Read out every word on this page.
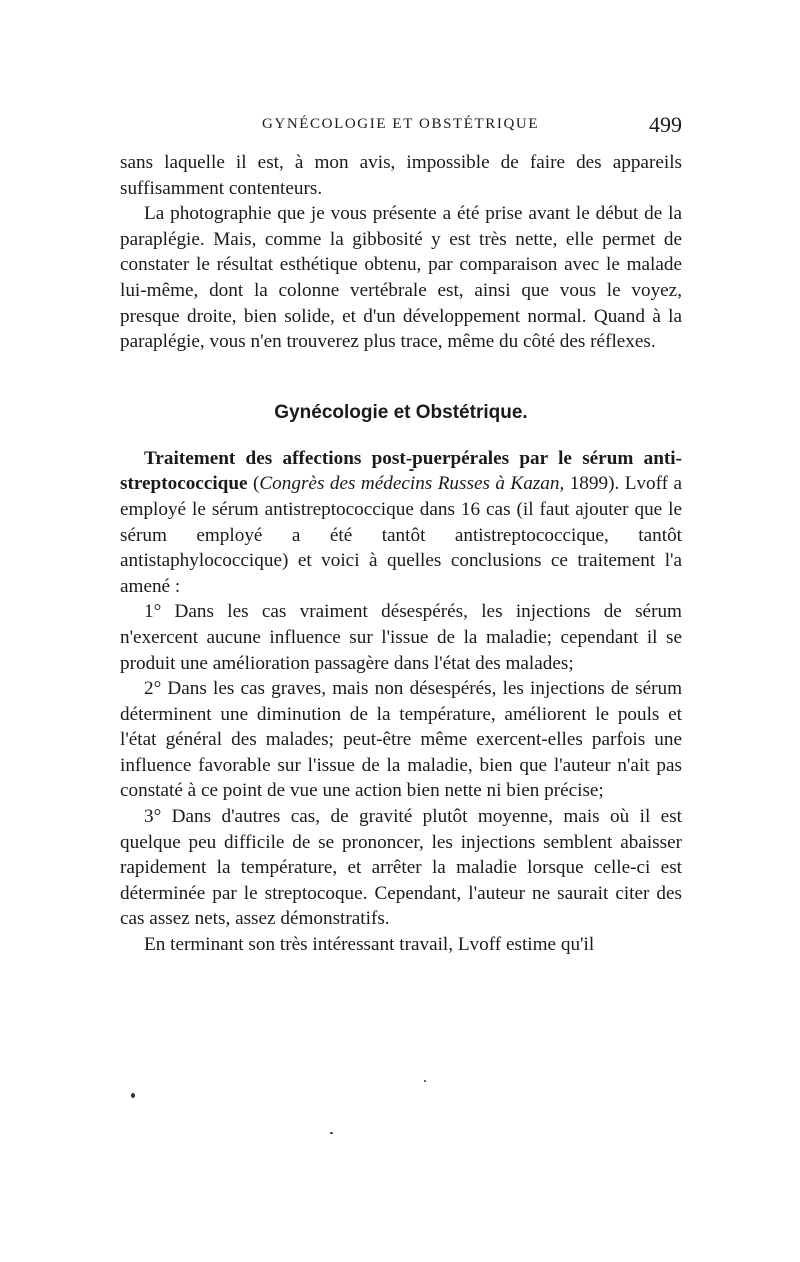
GYNÉCOLOGIE ET OBSTÉTRIQUE	499

sans laquelle il est, à mon avis, impossible de faire des appareils suffisamment contenteurs.

La photographie que je vous présente a été prise avant le début de la paraplégie. Mais, comme la gibbosité y est très nette, elle permet de constater le résultat esthétique obtenu, par comparaison avec le malade lui-même, dont la colonne vertébrale est, ainsi que vous le voyez, presque droite, bien solide, et d'un développement normal. Quand à la paraplégie, vous n'en trouverez plus trace, même du côté des réflexes.

Gynécologie et Obstétrique.

Traitement des affections post-puerpérales par le sérum anti-streptococcique (Congrès des médecins Russes à Kazan, 1899). Lvoff a employé le sérum antistreptococcique dans 16 cas (il faut ajouter que le sérum employé a été tantôt antistreptococcique, tantôt antistaphylococcique) et voici à quelles conclusions ce traitement l'a amené :

1° Dans les cas vraiment désespérés, les injections de sérum n'exercent aucune influence sur l'issue de la maladie; cependant il se produit une amélioration passagère dans l'état des malades;

2° Dans les cas graves, mais non désespérés, les injections de sérum déterminent une diminution de la température, améliorent le pouls et l'état général des malades; peut-être même exercent-elles parfois une influence favorable sur l'issue de la maladie, bien que l'auteur n'ait pas constaté à ce point de vue une action bien nette ni bien précise;

3° Dans d'autres cas, de gravité plutôt moyenne, mais où il est quelque peu difficile de se prononcer, les injections semblent abaisser rapidement la température, et arrêter la maladie lorsque celle-ci est déterminée par le streptocoque. Cependant, l'auteur ne saurait citer des cas assez nets, assez démonstratifs.

En terminant son très intéressant travail, Lvoff estime qu'il
